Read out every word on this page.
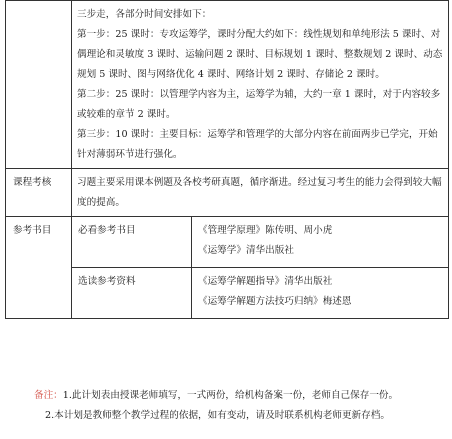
	三步走，各部分时间安排如下：

第一步：25 课时：专攻运筹学，课时分配大约如下：线性规划和单纯形法 5 课时、对偶理论和灵敏度 3 课时、运输问题 2 课时、目标规划 1 课时、整数规划 2 课时、动态规划 5 课时、图与网络优化 4 课时、网络计划 2 课时、存储论 2 课时。

第二步：25 课时：以管理学内容为主，运筹学为辅，大约一章 1 课时，对于内容较多或较难的章节 2 课时。

第三步：10 课时：主要目标：运筹学和管理学的大部分内容在前面两步已学完，开始针对薄弱环节进行强化。	

课程考核	习题主要采用课本例题及各校考研真题，循序渐进。经过复习考生的能力会得到较大幅度的提高。	

参考书目	必看参考书目	《管理学原理》陈传明、周小虎
《运筹学》清华出版社

	选读参考资料	《运筹学解题指导》清华出版社
《运筹学解题方法技巧归纳》梅述恩
备注：1.此计划表由授课老师填写，一式两份，给机构备案一份，老师自己保存一份。
2.本计划是教师整个教学过程的依据，如有变动，请及时联系机构老师更新存档。
